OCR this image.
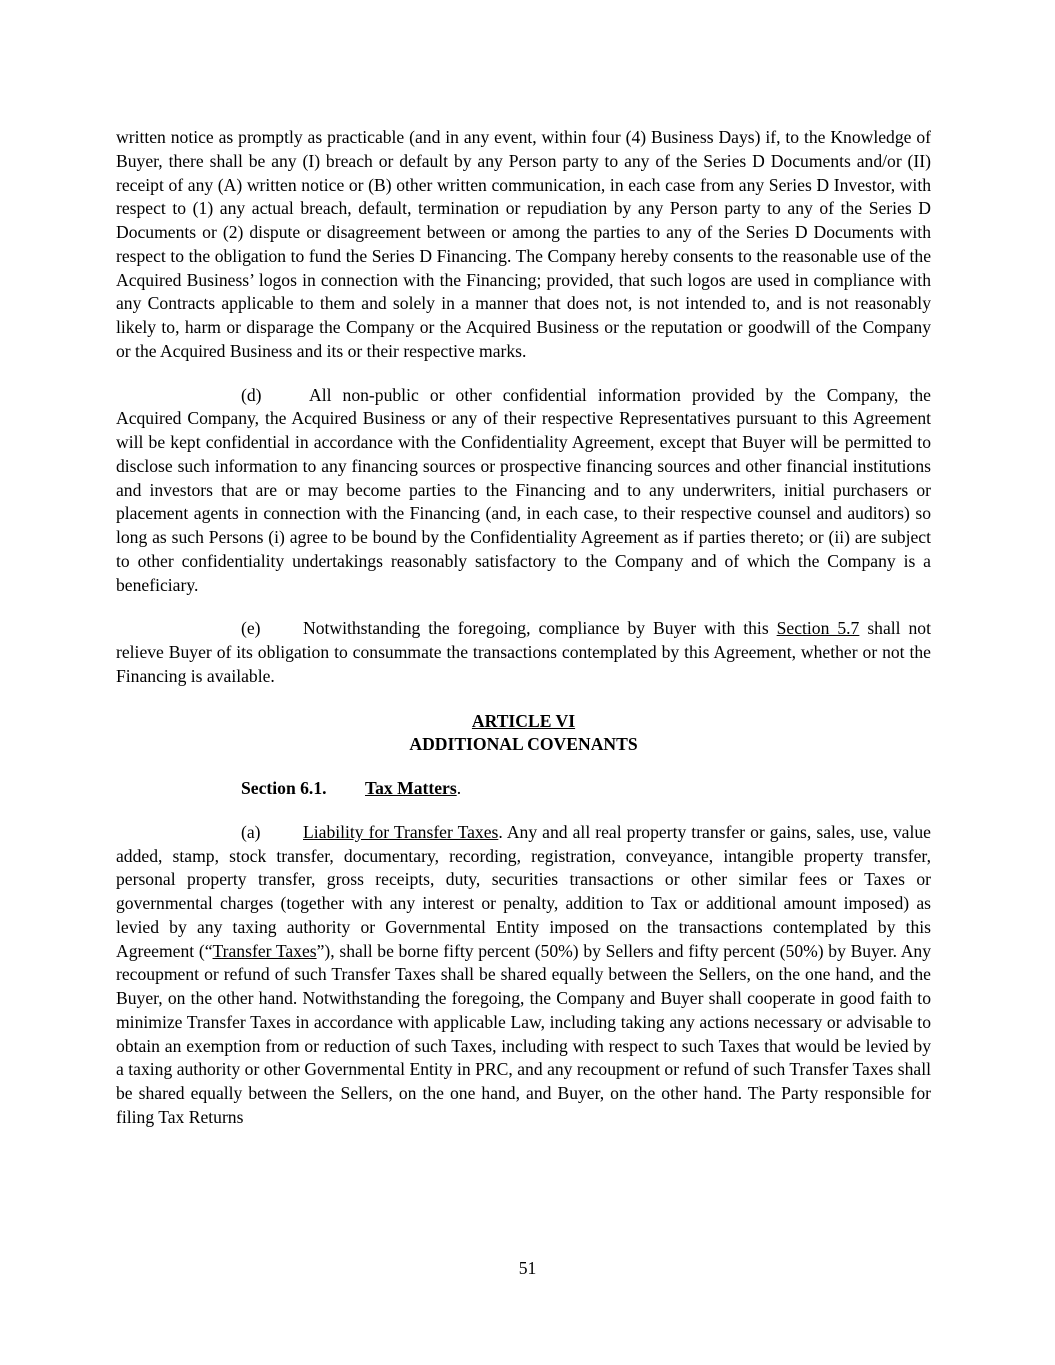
written notice as promptly as practicable (and in any event, within four (4) Business Days) if, to the Knowledge of Buyer, there shall be any (I) breach or default by any Person party to any of the Series D Documents and/or (II) receipt of any (A) written notice or (B) other written communication, in each case from any Series D Investor, with respect to (1) any actual breach, default, termination or repudiation by any Person party to any of the Series D Documents or (2) dispute or disagreement between or among the parties to any of the Series D Documents with respect to the obligation to fund the Series D Financing. The Company hereby consents to the reasonable use of the Acquired Business’ logos in connection with the Financing; provided, that such logos are used in compliance with any Contracts applicable to them and solely in a manner that does not, is not intended to, and is not reasonably likely to, harm or disparage the Company or the Acquired Business or the reputation or goodwill of the Company or the Acquired Business and its or their respective marks.

(d)	All non-public or other confidential information provided by the Company, the Acquired Company, the Acquired Business or any of their respective Representatives pursuant to this Agreement will be kept confidential in accordance with the Confidentiality Agreement, except that Buyer will be permitted to disclose such information to any financing sources or prospective financing sources and other financial institutions and investors that are or may become parties to the Financing and to any underwriters, initial purchasers or placement agents in connection with the Financing (and, in each case, to their respective counsel and auditors) so long as such Persons (i) agree to be bound by the Confidentiality Agreement as if parties thereto; or (ii) are subject to other confidentiality undertakings reasonably satisfactory to the Company and of which the Company is a beneficiary.

(e) Notwithstanding the foregoing, compliance by Buyer with this Section 5.7 shall not relieve Buyer of its obligation to consummate the transactions contemplated by this Agreement, whether or not the Financing is available.

ARTICLE VI

ADDITIONAL COVENANTS

Section 6.1. Tax Matters.

(a) Liability for Transfer Taxes. Any and all real property transfer or gains, sales, use, value added, stamp, stock transfer, documentary, recording, registration, conveyance, intangible property transfer, personal property transfer, gross receipts, duty, securities transactions or other similar fees or Taxes or governmental charges (together with any interest or penalty, addition to Tax or additional amount imposed) as levied by any taxing authority or Governmental Entity imposed on the transactions contemplated by this Agreement (“Transfer Taxes”), shall be borne fifty percent (50%) by Sellers and fifty percent (50%) by Buyer. Any recoupment or refund of such Transfer Taxes shall be shared equally between the Sellers, on the one hand, and the Buyer, on the other hand. Notwithstanding the foregoing, the Company and Buyer shall cooperate in good faith to minimize Transfer Taxes in accordance with applicable Law, including taking any actions necessary or advisable to obtain an exemption from or reduction of such Taxes, including with respect to such Taxes that would be levied by a taxing authority or other Governmental Entity in PRC, and any recoupment or refund of such Transfer Taxes shall be shared equally between the Sellers, on the one hand, and Buyer, on the other hand. The Party responsible for filing Tax Returns

51
